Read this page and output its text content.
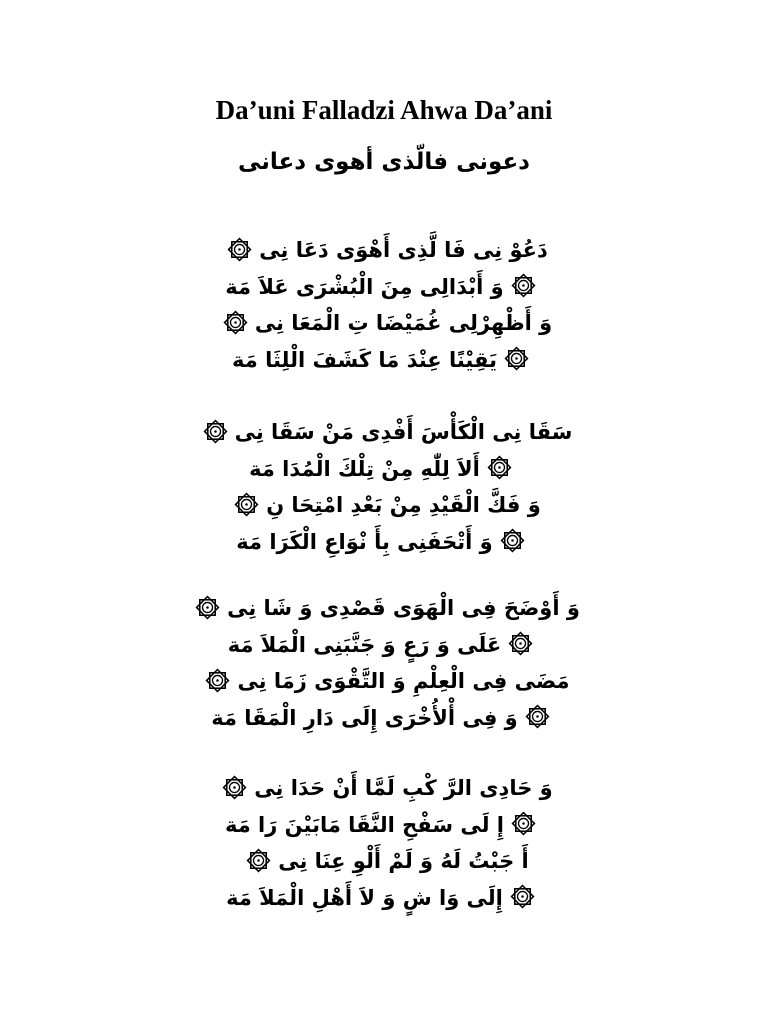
Da’uni Falladzi Ahwa Da’ani
دعونى فالّذى أهوى دعانى
دَعُوْ نِى فَا لَّذِى أَهْوَى دَعَا نِى
وَ أَبْدَالِى مِنَ الْبُشْرَى عَلاَ مَة
وَ أَظْهِرْلِى غُمَيْضَا تِ الْمَعَا نِى
يَقِيْنًا عِنْدَ مَا كَشَفَ الْلِثَا مَة
سَقَا نِى الْكَأْسَ أَفْدِى مَنْ سَقَا نِى
أَلاَ لِلّٰهِ مِنْ تِلْكَ الْمُدَا مَة
وَ فَكَّ الْقَيْدِ مِنْ بَعْدِ امْتِحَا نِ
وَ أَتْحَفَنِى بِأَ نْوَاعِ الْكَرَا مَة
وَ أَوْضَحَ فِى الْهَوَى قَصْدِى وَ شَا نِى
عَلَى وَ رَعٍ وَ جَنَّبَنِى الْمَلاَ مَة
مَضَى فِى الْعِلْمِ وَ التَّقْوَى زَمَا نِى
وَ فِى أْلأُخْرَى إِلَى دَارِ الْمَقَا مَة
وَ حَادِى الرَّ كْبِ لَمَّا أَنْ حَدَا نِى
إِ لَى سَفْحِ النَّقَا مَابَيْنَ رَا مَة
أَ جَبْتُ لَهُ وَ لَمْ أَلْوِ عِنَا نِى
إِلَى وَا شٍ وَ لاَ أَهْلِ الْمَلاَ مَة
